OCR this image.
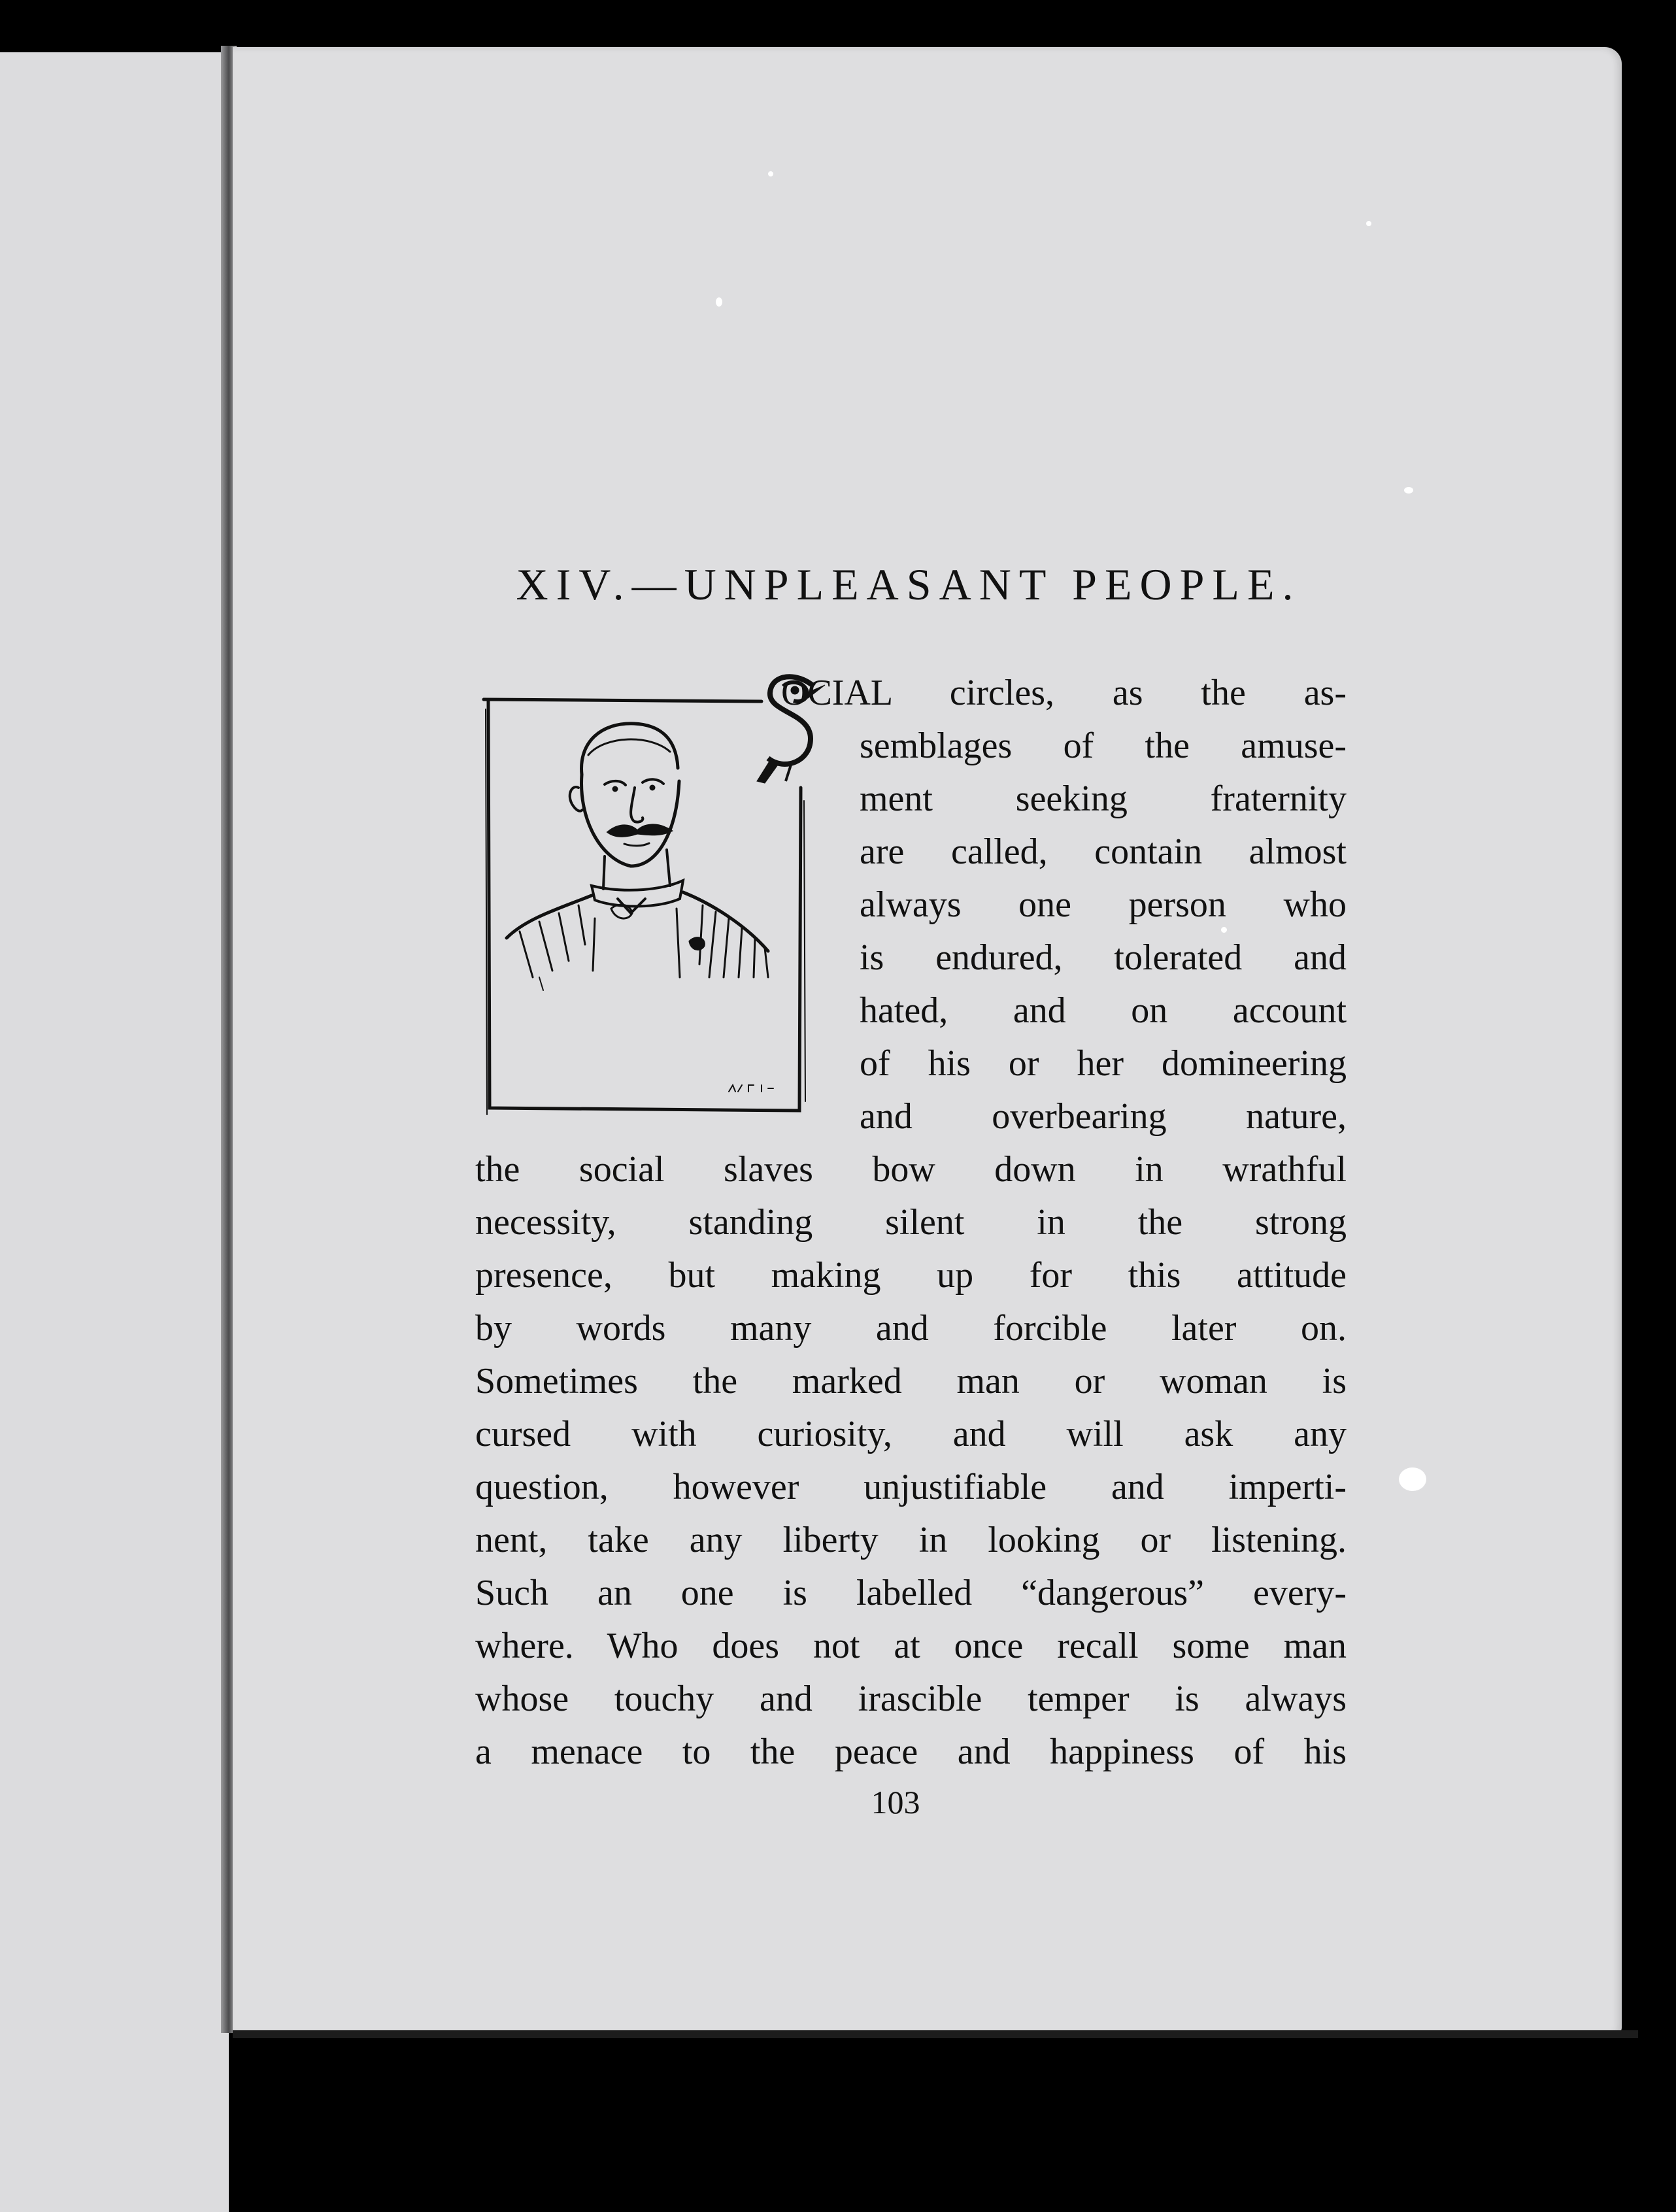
XIV.—UNPLEASANT PEOPLE.
S
OCIAL circles, as the as-
semblages of the amuse-
ment seeking fraternity
are called, contain almost
always one person who
is endured, tolerated and
hated, and on account
of his or her domineering
and overbearing nature,
the social slaves bow down in wrathful
necessity, standing silent in the strong
presence, but making up for this attitude
by words many and forcible later on.
Sometimes the marked man or woman is
cursed with curiosity, and will ask any
question, however unjustifiable and imperti-
nent, take any liberty in looking or listening.
Such an one is labelled “dangerous” every-
where. Who does not at once recall some man
whose touchy and irascible temper is always
a menace to the peace and happiness of his
103
